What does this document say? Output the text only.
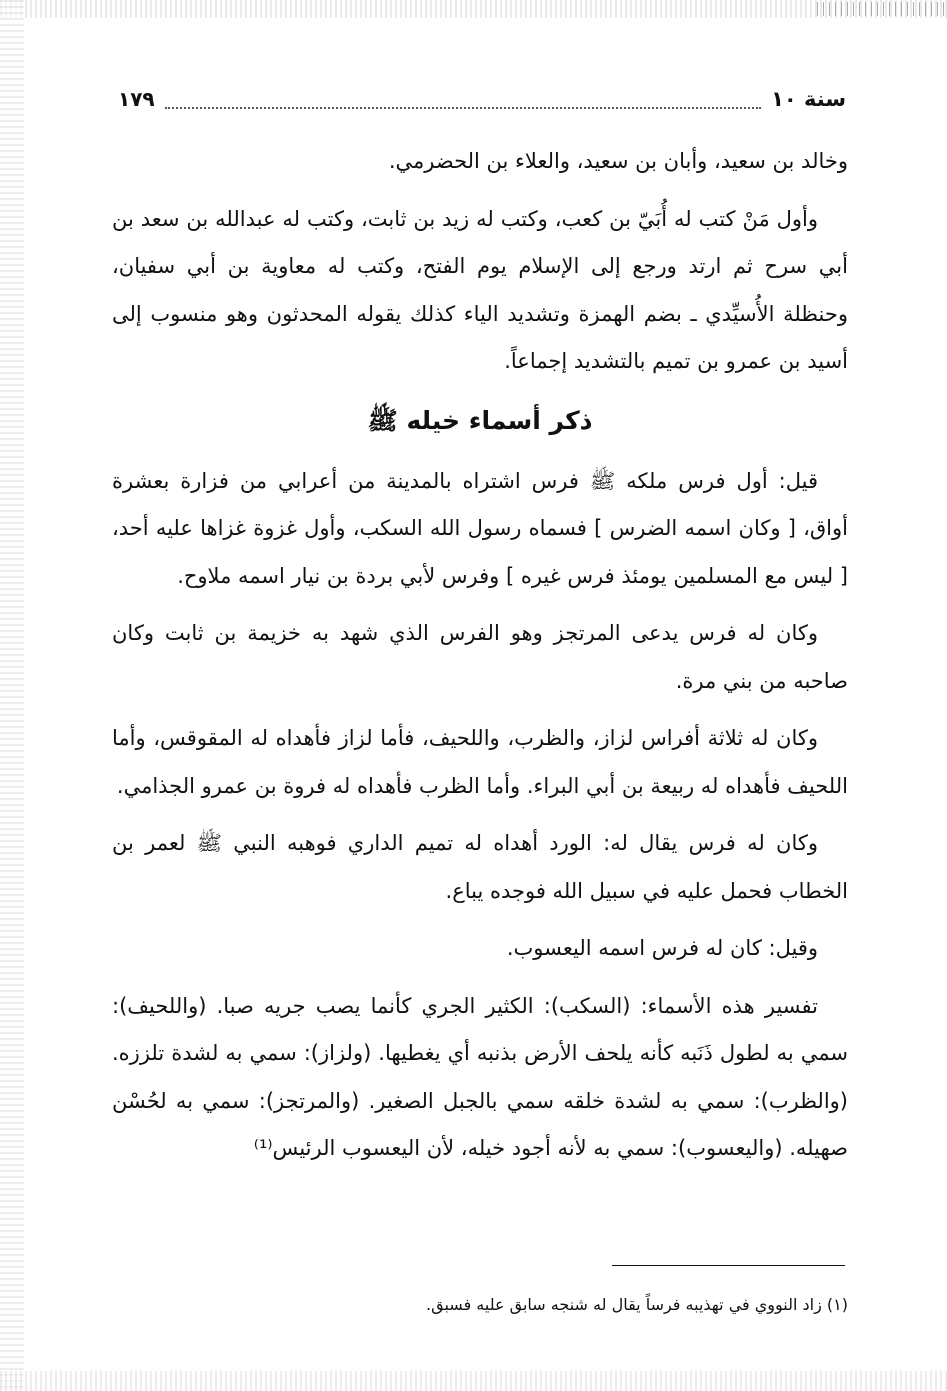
سنة ١٠
١٧٩

وخالد بن سعيد، وأبان بن سعيد، والعلاء بن الحضرمي.

وأول مَنْ كتب له أُبَيّ بن كعب، وكتب له زيد بن ثابت، وكتب له عبدالله بن سعد بن أبي سرح ثم ارتد ورجع إلى الإسلام يوم الفتح، وكتب له معاوية بن أبي سفيان، وحنظلة الأُسيِّدي ـ بضم الهمزة وتشديد الياء كذلك يقوله المحدثون وهو منسوب إلى أسيد بن عمرو بن تميم بالتشديد إجماعاً.

ذكر أسماء خيله ﷺ

قيل: أول فرس ملكه ﷺ فرس اشتراه بالمدينة من أعرابي من فزارة بعشرة أواق، [ وكان اسمه الضرس ] فسماه رسول الله السكب، وأول غزوة غزاها عليه أحد، [ ليس مع المسلمين يومئذ فرس غيره ] وفرس لأبي بردة بن نيار اسمه ملاوح.

وكان له فرس يدعى المرتجز وهو الفرس الذي شهد به خزيمة بن ثابت وكان صاحبه من بني مرة.

وكان له ثلاثة أفراس لزاز، والظرب، واللحيف، فأما لزاز فأهداه له المقوقس، وأما اللحيف فأهداه له ربيعة بن أبي البراء. وأما الظرب فأهداه له فروة بن عمرو الجذامي.

وكان له فرس يقال له: الورد أهداه له تميم الداري فوهبه النبي ﷺ لعمر بن الخطاب فحمل عليه في سبيل الله فوجده يباع.

وقيل: كان له فرس اسمه اليعسوب.

تفسير هذه الأسماء: (السكب): الكثير الجري كأنما يصب جريه صبا. (واللحيف): سمي به لطول ذَنَبه كأنه يلحف الأرض بذنبه أي يغطيها. (ولزاز): سمي به لشدة تلززه. (والظرب): سمي به لشدة خلقه سمي بالجبل الصغير. (والمرتجز): سمي به لحُسْن صهيله. (واليعسوب): سمي به لأنه أجود خيله، لأن اليعسوب الرئيس⁽¹⁾

(١) زاد النووي في تهذيبه فرساً يقال له شنجه سابق عليه فسبق.
